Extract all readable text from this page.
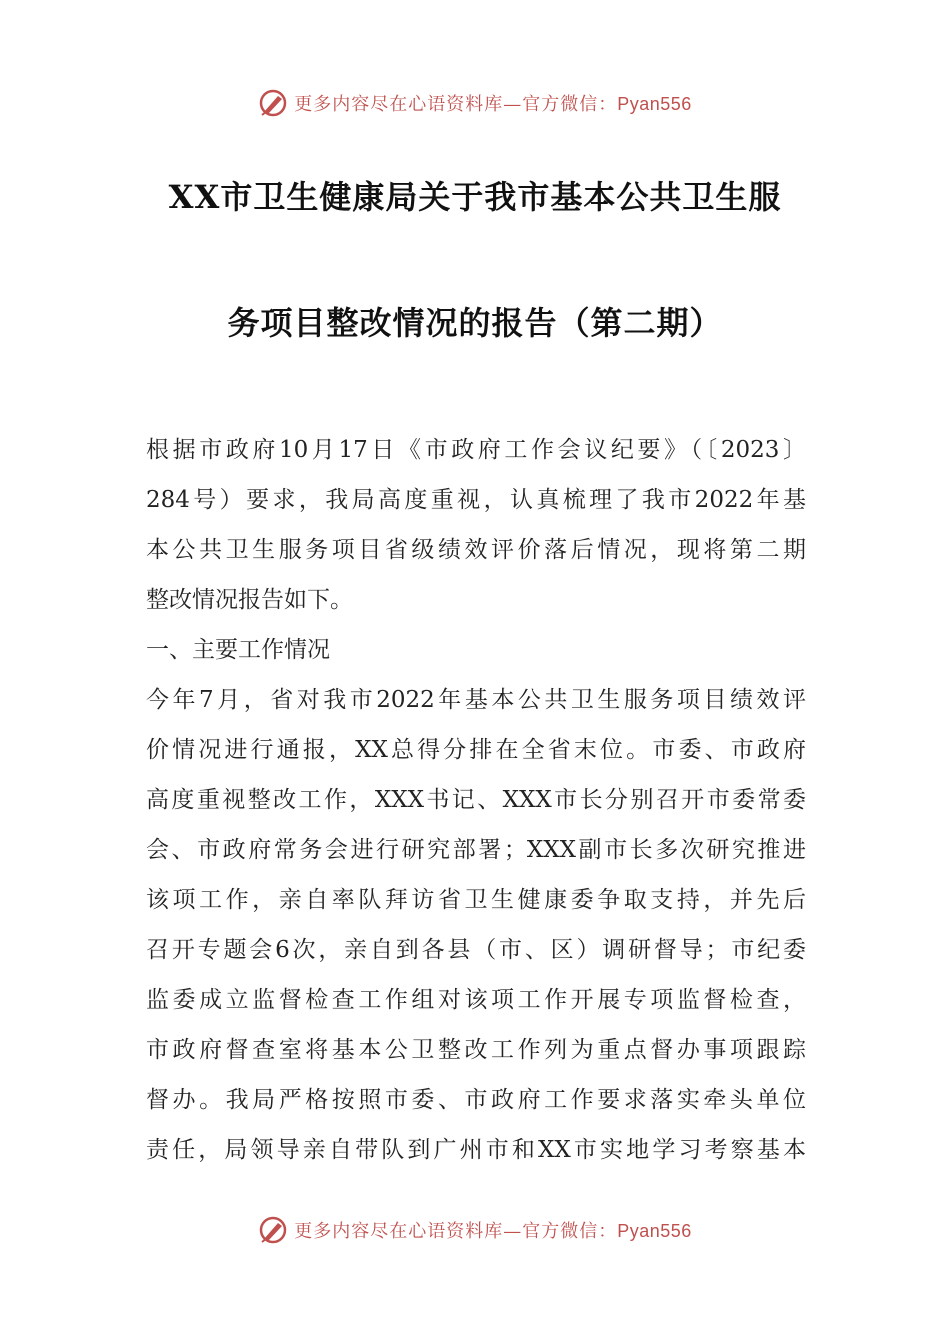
更多内容尽在心语资料库—官方微信：Pyan556
XX市卫生健康局关于我市基本公共卫生服
务项目整改情况的报告（第二期）
根据市政府10月17日《市政府工作会议纪要》（〔2023〕
284号）要求，我局高度重视，认真梳理了我市2022年基
本公共卫生服务项目省级绩效评价落后情况，现将第二期
整改情况报告如下。
一、主要工作情况
今年7月，省对我市2022年基本公共卫生服务项目绩效评
价情况进行通报，XX总得分排在全省末位。市委、市政府
高度重视整改工作，XXX书记、XXX市长分别召开市委常委
会、市政府常务会进行研究部署；XXX副市长多次研究推进
该项工作，亲自率队拜访省卫生健康委争取支持，并先后
召开专题会6次，亲自到各县（市、区）调研督导；市纪委
监委成立监督检查工作组对该项工作开展专项监督检查，
市政府督查室将基本公卫整改工作列为重点督办事项跟踪
督办。我局严格按照市委、市政府工作要求落实牵头单位
责任，局领导亲自带队到广州市和XX市实地学习考察基本
更多内容尽在心语资料库—官方微信：Pyan556
